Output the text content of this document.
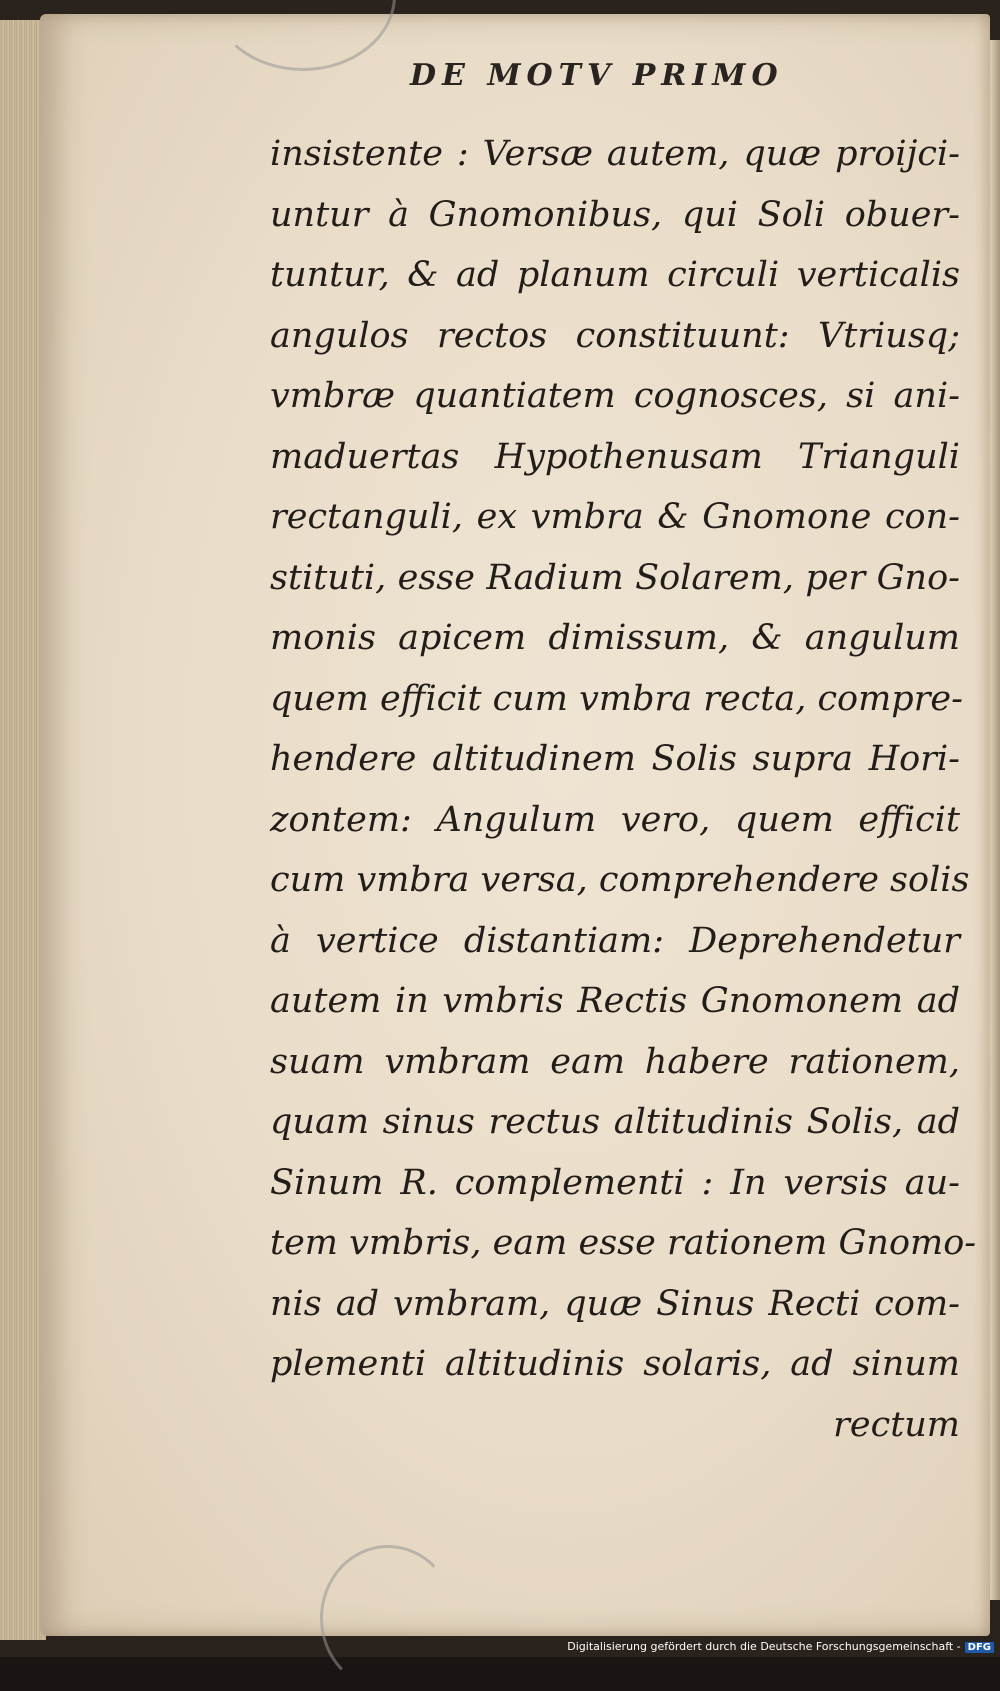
DE MOTV PRIMO
insistente : Versæ autem, quæ proijci-
untur à Gnomonibus, qui Soli obuer-
tuntur, & ad planum circuli verticalis
angulos rectos constituunt: Vtriusq;
vmbræ quantiatem cognosces, si ani-
maduertas Hypothenusam Trianguli
rectanguli, ex vmbra & Gnomone con-
stituti, esse Radium Solarem, per Gno-
monis apicem dimissum, & angulum
quem efficit cum vmbra recta, compre-
hendere altitudinem Solis supra Hori-
zontem: Angulum vero, quem efficit
cum vmbra versa, comprehendere solis
à vertice distantiam: Deprehendetur
autem in vmbris Rectis Gnomonem ad
suam vmbram eam habere rationem,
quam sinus rectus altitudinis Solis, ad
Sinum R. complementi : In versis au-
tem vmbris, eam esse rationem Gnomo-
nis ad vmbram, quæ Sinus Recti com-
plementi altitudinis solaris, ad sinum
rectum
Digitalisierung gefördert durch die Deutsche Forschungsgemeinschaft - DFG
